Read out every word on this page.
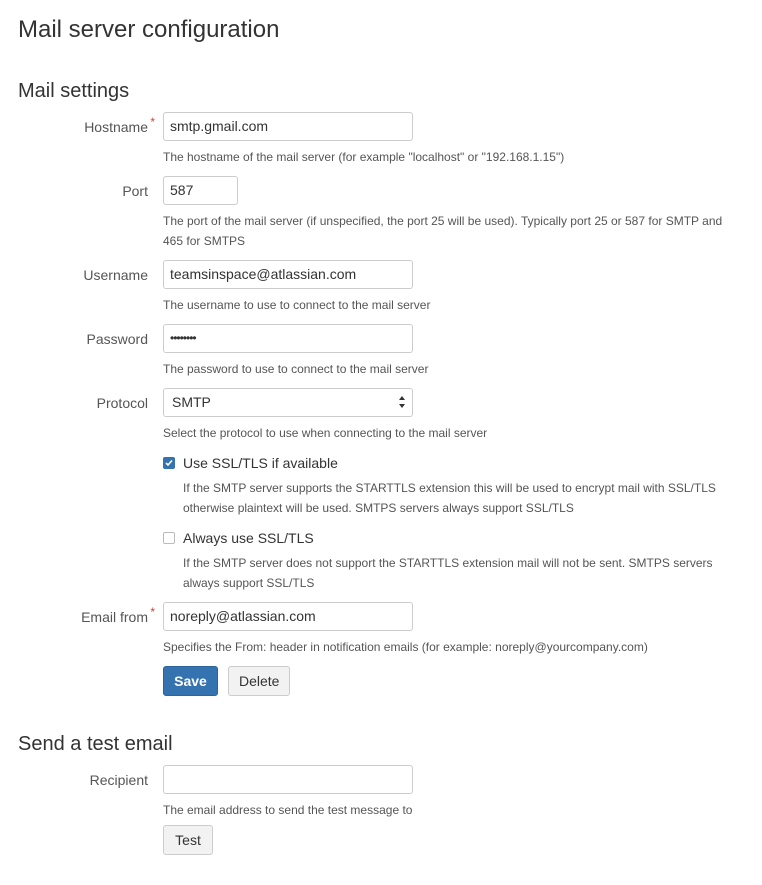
Mail server configuration
Mail settings
Hostname *	smtp.gmail.com
The hostname of the mail server (for example "localhost" or "192.168.1.15")
Port	587
The port of the mail server (if unspecified, the port 25 will be used). Typically port 25 or 587 for SMTP and 465 for SMTPS
Username	teamsinspace@atlassian.com
The username to use to connect to the mail server
Password	••••••••
The password to use to connect to the mail server
Protocol	SMTP
Select the protocol to use when connecting to the mail server
Use SSL/TLS if available
If the SMTP server supports the STARTTLS extension this will be used to encrypt mail with SSL/TLS otherwise plaintext will be used. SMTPS servers always support SSL/TLS
Always use SSL/TLS
If the SMTP server does not support the STARTTLS extension mail will not be sent. SMTPS servers always support SSL/TLS
Email from *	noreply@atlassian.com
Specifies the From: header in notification emails (for example: noreply@yourcompany.com)
Save	Delete
Send a test email
Recipient
The email address to send the test message to
Test
